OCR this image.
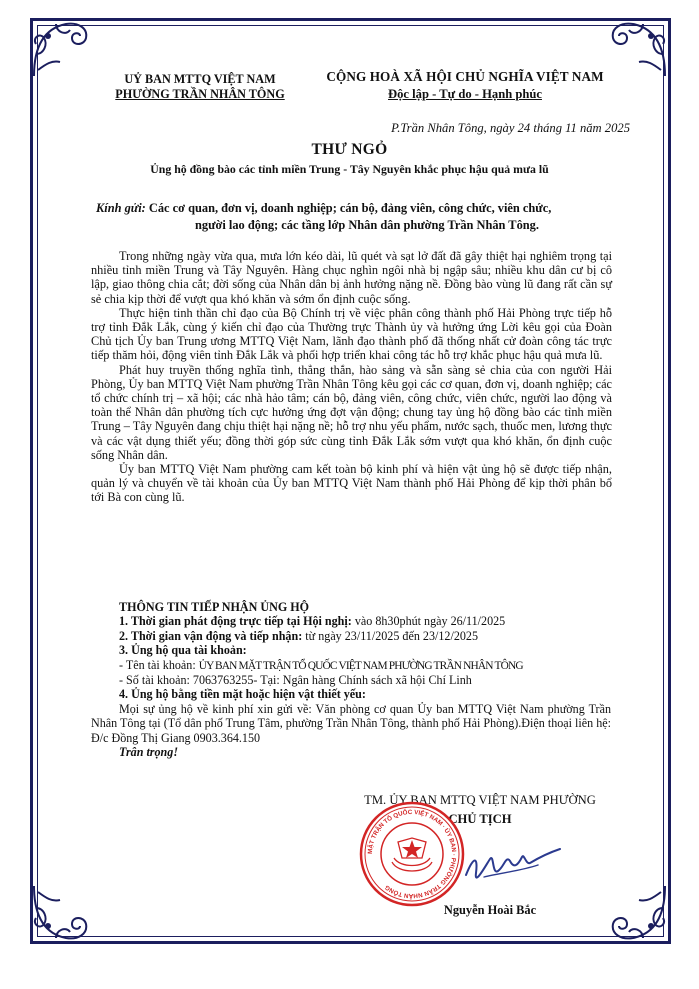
UỶ BAN MTTQ VIỆT NAM
PHƯỜNG TRẦN NHÂN TÔNG
CỘNG HOÀ XÃ HỘI CHỦ NGHĨA VIỆT NAM
Độc lập - Tự do - Hạnh phúc
P.Trần Nhân Tông, ngày 24 tháng 11 năm 2025
THƯ NGỎ
Ủng hộ đồng bào các tỉnh miền Trung - Tây Nguyên khắc phục hậu quả mưa lũ
Kính gửi: Các cơ quan, đơn vị, doanh nghiệp; cán bộ, đảng viên, công chức, viên chức,
người lao động; các tầng lớp Nhân dân phường Trần Nhân Tông.

Trong những ngày vừa qua, mưa lớn kéo dài, lũ quét và sạt lở đất đã gây thiệt hại nghiêm trọng tại nhiều tỉnh miền Trung và Tây Nguyên. Hàng chục nghìn ngôi nhà bị ngập sâu; nhiều khu dân cư bị cô lập, giao thông chia cắt; đời sống của Nhân dân bị ảnh hưởng nặng nề. Đồng bào vùng lũ đang rất cần sự sẻ chia kịp thời để vượt qua khó khăn và sớm ổn định cuộc sống.

Thực hiện tinh thần chỉ đạo của Bộ Chính trị về việc phân công thành phố Hải Phòng trực tiếp hỗ trợ tỉnh Đắk Lắk, cùng ý kiến chỉ đạo của Thường trực Thành ủy và hưởng ứng Lời kêu gọi của Đoàn Chủ tịch Ủy ban Trung ương MTTQ Việt Nam, lãnh đạo thành phố đã thống nhất cử đoàn công tác trực tiếp thăm hỏi, động viên tỉnh Đắk Lắk và phối hợp triển khai công tác hỗ trợ khắc phục hậu quả mưa lũ.

Phát huy truyền thống nghĩa tình, thẳng thắn, hào sảng và sẵn sàng sẻ chia của con người Hải Phòng, Ủy ban MTTQ Việt Nam phường Trần Nhân Tông kêu gọi các cơ quan, đơn vị, doanh nghiệp; các tổ chức chính trị – xã hội; các nhà hảo tâm; cán bộ, đảng viên, công chức, viên chức, người lao động và toàn thể Nhân dân phường tích cực hưởng ứng đợt vận động; chung tay ủng hộ đồng bào các tỉnh miền Trung – Tây Nguyên đang chịu thiệt hại nặng nề; hỗ trợ nhu yếu phẩm, nước sạch, thuốc men, lương thực và các vật dụng thiết yếu; đồng thời góp sức cùng tỉnh Đắk Lắk sớm vượt qua khó khăn, ổn định cuộc sống Nhân dân.

Ủy ban MTTQ Việt Nam phường cam kết toàn bộ kinh phí và hiện vật ủng hộ sẽ được tiếp nhận, quản lý và chuyển về tài khoản của Ủy ban MTTQ Việt Nam thành phố Hải Phòng để kịp thời phân bổ tới Bà con cùng lũ.

THÔNG TIN TIẾP NHẬN ỦNG HỘ
1. Thời gian phát động trực tiếp tại Hội nghị: vào 8h30phút ngày 26/11/2025
2. Thời gian vận động và tiếp nhận: từ ngày 23/11/2025 đến 23/12/2025
3. Ủng hộ qua tài khoản:
- Tên tài khoản: ỦY BAN MẶT TRẬN TỔ QUỐC VIỆT NAM PHƯỜNG TRẦN NHÂN TÔNG
- Số tài khoản: 7063763255- Tại: Ngân hàng Chính sách xã hội Chí Linh
4. Ủng hộ bằng tiền mặt hoặc hiện vật thiết yếu:
Mọi sự ủng hộ về kinh phí xin gửi về: Văn phòng cơ quan Ủy ban MTTQ Việt Nam phường Trần Nhân Tông tại (Tổ dân phố Trung Tâm, phường Trần Nhân Tông, thành phố Hải Phòng).Điện thoại liên hệ: Đ/c Đồng Thị Giang 0903.364.150
Trân trọng!
TM. ỦY BAN MTTQ VIỆT NAM PHƯỜNG
CHỦ TỊCH
MẶT TRẬN TỔ QUỐC VIỆT NAM · ỦY BAN · PHƯỜNG TRẦN NHÂN TÔNG
Nguyễn Hoài Bắc
